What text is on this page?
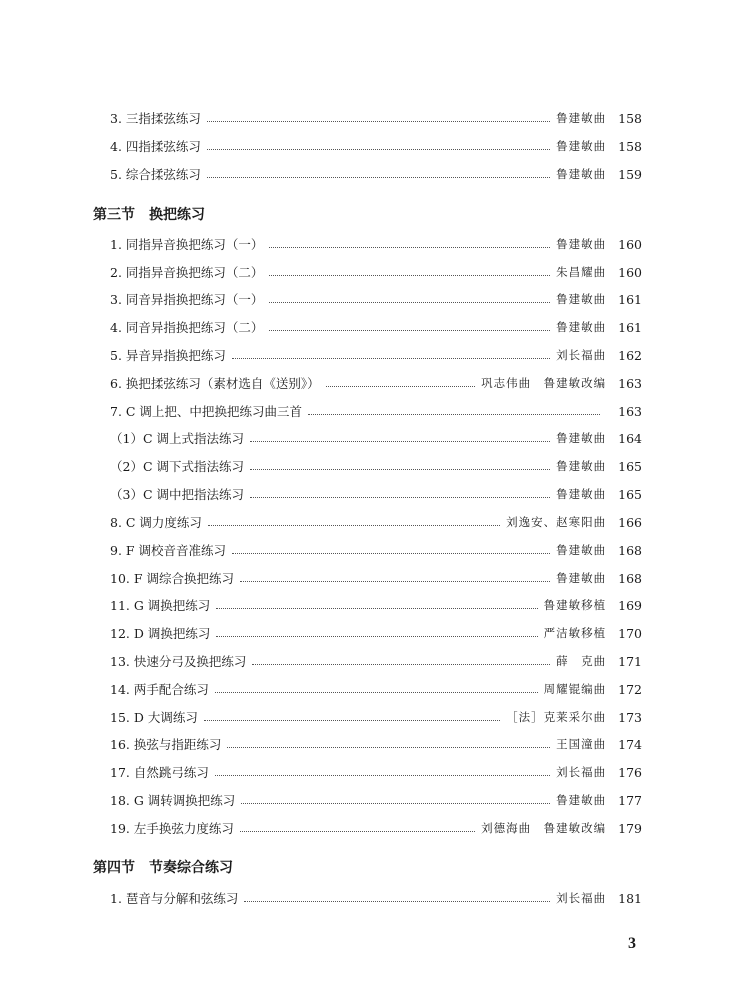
3. 三指揉弦练习	鲁建敏曲 158
4. 四指揉弦练习	鲁建敏曲 158
5. 综合揉弦练习	鲁建敏曲 159
第三节　换把练习
1. 同指异音换把练习（一）	鲁建敏曲 160
2. 同指异音换把练习（二）	朱昌耀曲 160
3. 同音异指换把练习（一）	鲁建敏曲 161
4. 同音异指换把练习（二）	鲁建敏曲 161
5. 异音异指换把练习	刘长福曲 162
6. 换把揉弦练习（素材选自《送别》）	巩志伟曲　鲁建敏改编 163
7. C 调上把、中把换把练习曲三首	163
（1）C 调上式指法练习	鲁建敏曲 164
（2）C 调下式指法练习	鲁建敏曲 165
（3）C 调中把指法练习	鲁建敏曲 165
8. C 调力度练习	刘逸安、赵寒阳曲 166
9. F 调校音音准练习	鲁建敏曲 168
10. F 调综合换把练习	鲁建敏曲 168
11. G 调换把练习	鲁建敏移植 169
12. D 调换把练习	严洁敏移植 170
13. 快速分弓及换把练习	薛　克曲 171
14. 两手配合练习	周耀锟编曲 172
15. D 大调练习	［法］克莱采尔曲 173
16. 换弦与指距练习	王国潼曲 174
17. 自然跳弓练习	刘长福曲 176
18. G 调转调换把练习	鲁建敏曲 177
19. 左手换弦力度练习	刘德海曲　鲁建敏改编 179
第四节　节奏综合练习
1. 琶音与分解和弦练习	刘长福曲 181
3
